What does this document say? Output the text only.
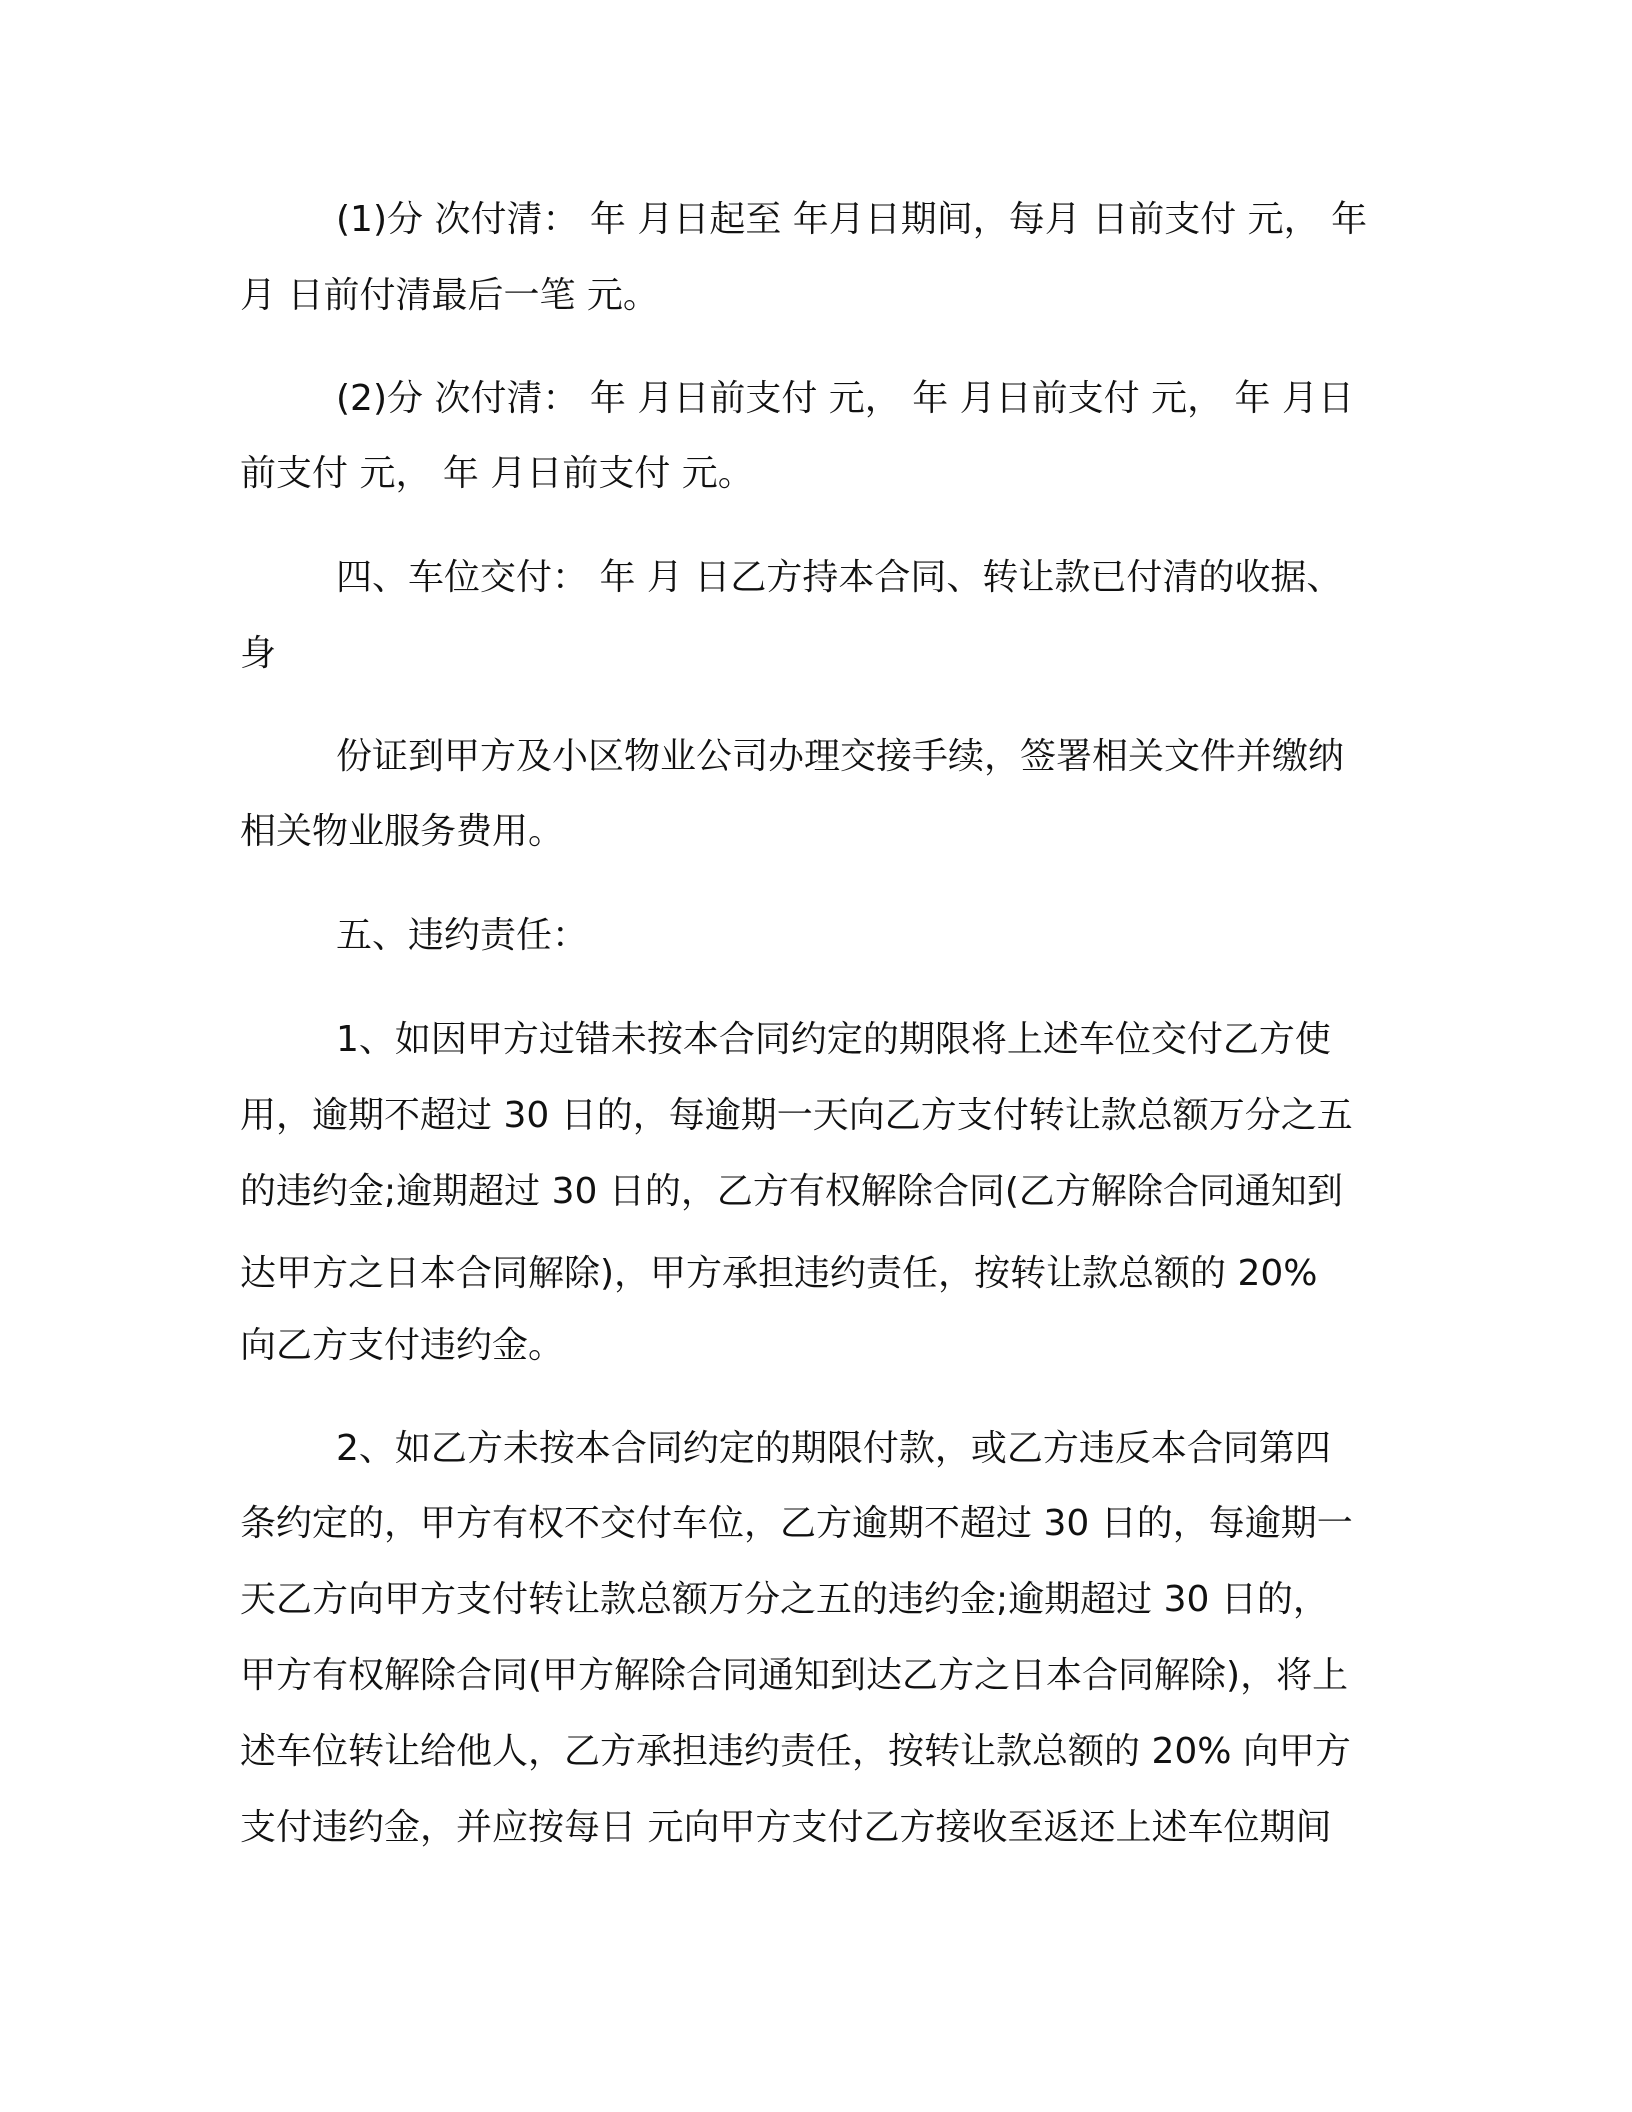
(1)分 次付清： 年 月日起至 年月日期间，每月 日前支付 元， 年

月 日前付清最后一笔 元。

(2)分 次付清： 年 月日前支付 元， 年 月日前支付 元， 年 月日

前支付 元， 年 月日前支付 元。

四、车位交付： 年 月 日乙方持本合同、转让款已付清的收据、

身

份证到甲方及小区物业公司办理交接手续，签署相关文件并缴纳

相关物业服务费用。

五、违约责任：

1、如因甲方过错未按本合同约定的期限将上述车位交付乙方使

用，逾期不超过 30 日的，每逾期一天向乙方支付转让款总额万分之五

的违约金;逾期超过 30 日的，乙方有权解除合同(乙方解除合同通知到

达甲方之日本合同解除)，甲方承担违约责任，按转让款总额的 20%

向乙方支付违约金。

2、如乙方未按本合同约定的期限付款，或乙方违反本合同第四

条约定的，甲方有权不交付车位，乙方逾期不超过 30 日的，每逾期一

天乙方向甲方支付转让款总额万分之五的违约金;逾期超过 30 日的，

甲方有权解除合同(甲方解除合同通知到达乙方之日本合同解除)，将上

述车位转让给他人，乙方承担违约责任，按转让款总额的 20% 向甲方

支付违约金，并应按每日 元向甲方支付乙方接收至返还上述车位期间
